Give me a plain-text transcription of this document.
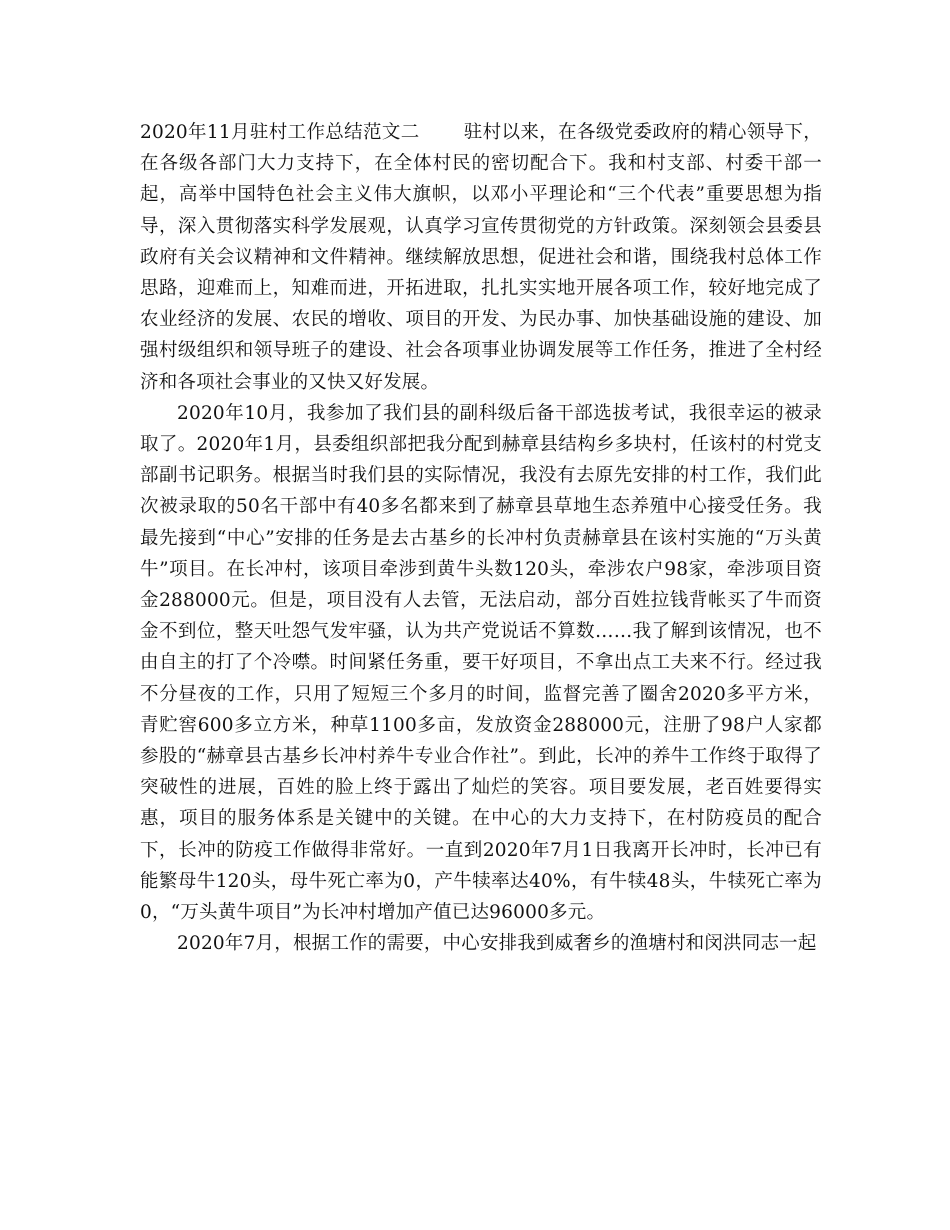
2020年11月驻村工作总结范文二 驻村以来，在各级党委政府的精心领导下，在各级各部门大力支持下，在全体村民的密切配合下。我和村支部、村委干部一起，高举中国特色社会主义伟大旗帜，以邓小平理论和“三个代表”重要思想为指导，深入贯彻落实科学发展观，认真学习宣传贯彻党的方针政策。深刻领会县委县政府有关会议精神和文件精神。继续解放思想，促进社会和谐，围绕我村总体工作思路，迎难而上，知难而进，开拓进取，扎扎实实地开展各项工作，较好地完成了农业经济的发展、农民的增收、项目的开发、为民办事、加快基础设施的建设、加强村级组织和领导班子的建设、社会各项事业协调发展等工作任务，推进了全村经济和各项社会事业的又快又好发展。

2020年10月，我参加了我们县的副科级后备干部选拔考试，我很幸运的被录取了。2020年1月，县委组织部把我分配到赫章县结构乡多块村，任该村的村党支部副书记职务。根据当时我们县的实际情况，我没有去原先安排的村工作，我们此次被录取的50名干部中有40多名都来到了赫章县草地生态养殖中心接受任务。我最先接到“中心”安排的任务是去古基乡的长冲村负责赫章县在该村实施的“万头黄牛”项目。在长冲村，该项目牵涉到黄牛头数120头，牵涉农户98家，牵涉项目资金288000元。但是，项目没有人去管，无法启动，部分百姓拉钱背帐买了牛而资金不到位，整天吐怨气发牢骚，认为共产党说话不算数……我了解到该情况，也不由自主的打了个冷噤。时间紧任务重，要干好项目，不拿出点工夫来不行。经过我不分昼夜的工作，只用了短短三个多月的时间，监督完善了圈舍2020多平方米，青贮窖600多立方米，种草1100多亩，发放资金288000元，注册了98户人家都参股的“赫章县古基乡长冲村养牛专业合作社”。到此，长冲的养牛工作终于取得了突破性的进展，百姓的脸上终于露出了灿烂的笑容。项目要发展，老百姓要得实惠，项目的服务体系是关键中的关键。在中心的大力支持下，在村防疫员的配合下，长冲的防疫工作做得非常好。一直到2020年7月1日我离开长冲时，长冲已有能繁母牛120头，母牛死亡率为0，产牛犊率达40%，有牛犊48头，牛犊死亡率为0，“万头黄牛项目”为长冲村增加产值已达96000多元。

2020年7月，根据工作的需要，中心安排我到威奢乡的渔塘村和闵洪同志一起
